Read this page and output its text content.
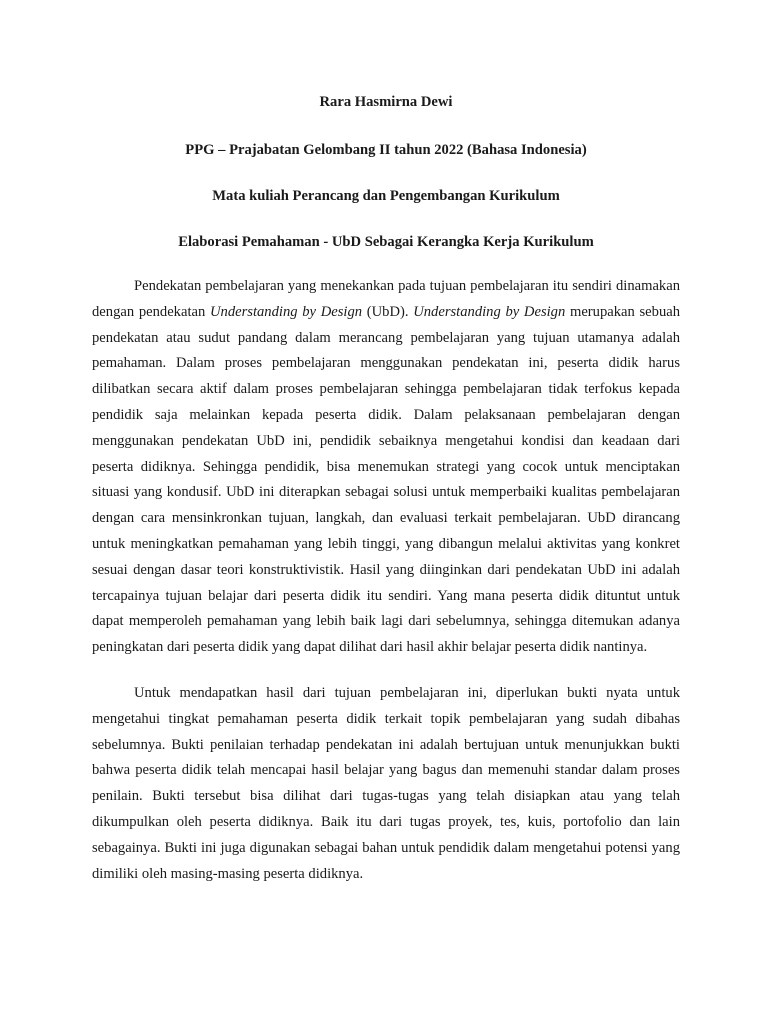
Rara Hasmirna Dewi

PPG – Prajabatan Gelombang II tahun 2022 (Bahasa Indonesia)

Mata kuliah Perancang dan Pengembangan Kurikulum

Elaborasi Pemahaman - UbD Sebagai Kerangka Kerja Kurikulum

Pendekatan pembelajaran yang menekankan pada tujuan pembelajaran itu sendiri dinamakan dengan pendekatan Understanding by Design (UbD). Understanding by Design merupakan sebuah pendekatan atau sudut pandang dalam merancang pembelajaran yang tujuan utamanya adalah pemahaman. Dalam proses pembelajaran menggunakan pendekatan ini, peserta didik harus dilibatkan secara aktif dalam proses pembelajaran sehingga pembelajaran tidak terfokus kepada pendidik saja melainkan kepada peserta didik. Dalam pelaksanaan pembelajaran dengan menggunakan pendekatan UbD ini, pendidik sebaiknya mengetahui kondisi dan keadaan dari peserta didiknya. Sehingga pendidik, bisa menemukan strategi yang cocok untuk menciptakan situasi yang kondusif. UbD ini diterapkan sebagai solusi untuk memperbaiki kualitas pembelajaran dengan cara mensinkronkan tujuan, langkah, dan evaluasi terkait pembelajaran. UbD dirancang untuk meningkatkan pemahaman yang lebih tinggi, yang dibangun melalui aktivitas yang konkret sesuai dengan dasar teori konstruktivistik. Hasil yang diinginkan dari pendekatan UbD ini adalah tercapainya tujuan belajar dari peserta didik itu sendiri. Yang mana peserta didik dituntut untuk dapat memperoleh pemahaman yang lebih baik lagi dari sebelumnya, sehingga ditemukan adanya peningkatan dari peserta didik yang dapat dilihat dari hasil akhir belajar peserta didik nantinya.

Untuk mendapatkan hasil dari tujuan pembelajaran ini, diperlukan bukti nyata untuk mengetahui tingkat pemahaman peserta didik terkait topik pembelajaran yang sudah dibahas sebelumnya. Bukti penilaian terhadap pendekatan ini adalah bertujuan untuk menunjukkan bukti bahwa peserta didik telah mencapai hasil belajar yang bagus dan memenuhi standar dalam proses penilain. Bukti tersebut bisa dilihat dari tugas-tugas yang telah disiapkan atau yang telah dikumpulkan oleh peserta didiknya. Baik itu dari tugas proyek, tes, kuis, portofolio dan lain sebagainya. Bukti ini juga digunakan sebagai bahan untuk pendidik dalam mengetahui potensi yang dimiliki oleh masing-masing peserta didiknya.
